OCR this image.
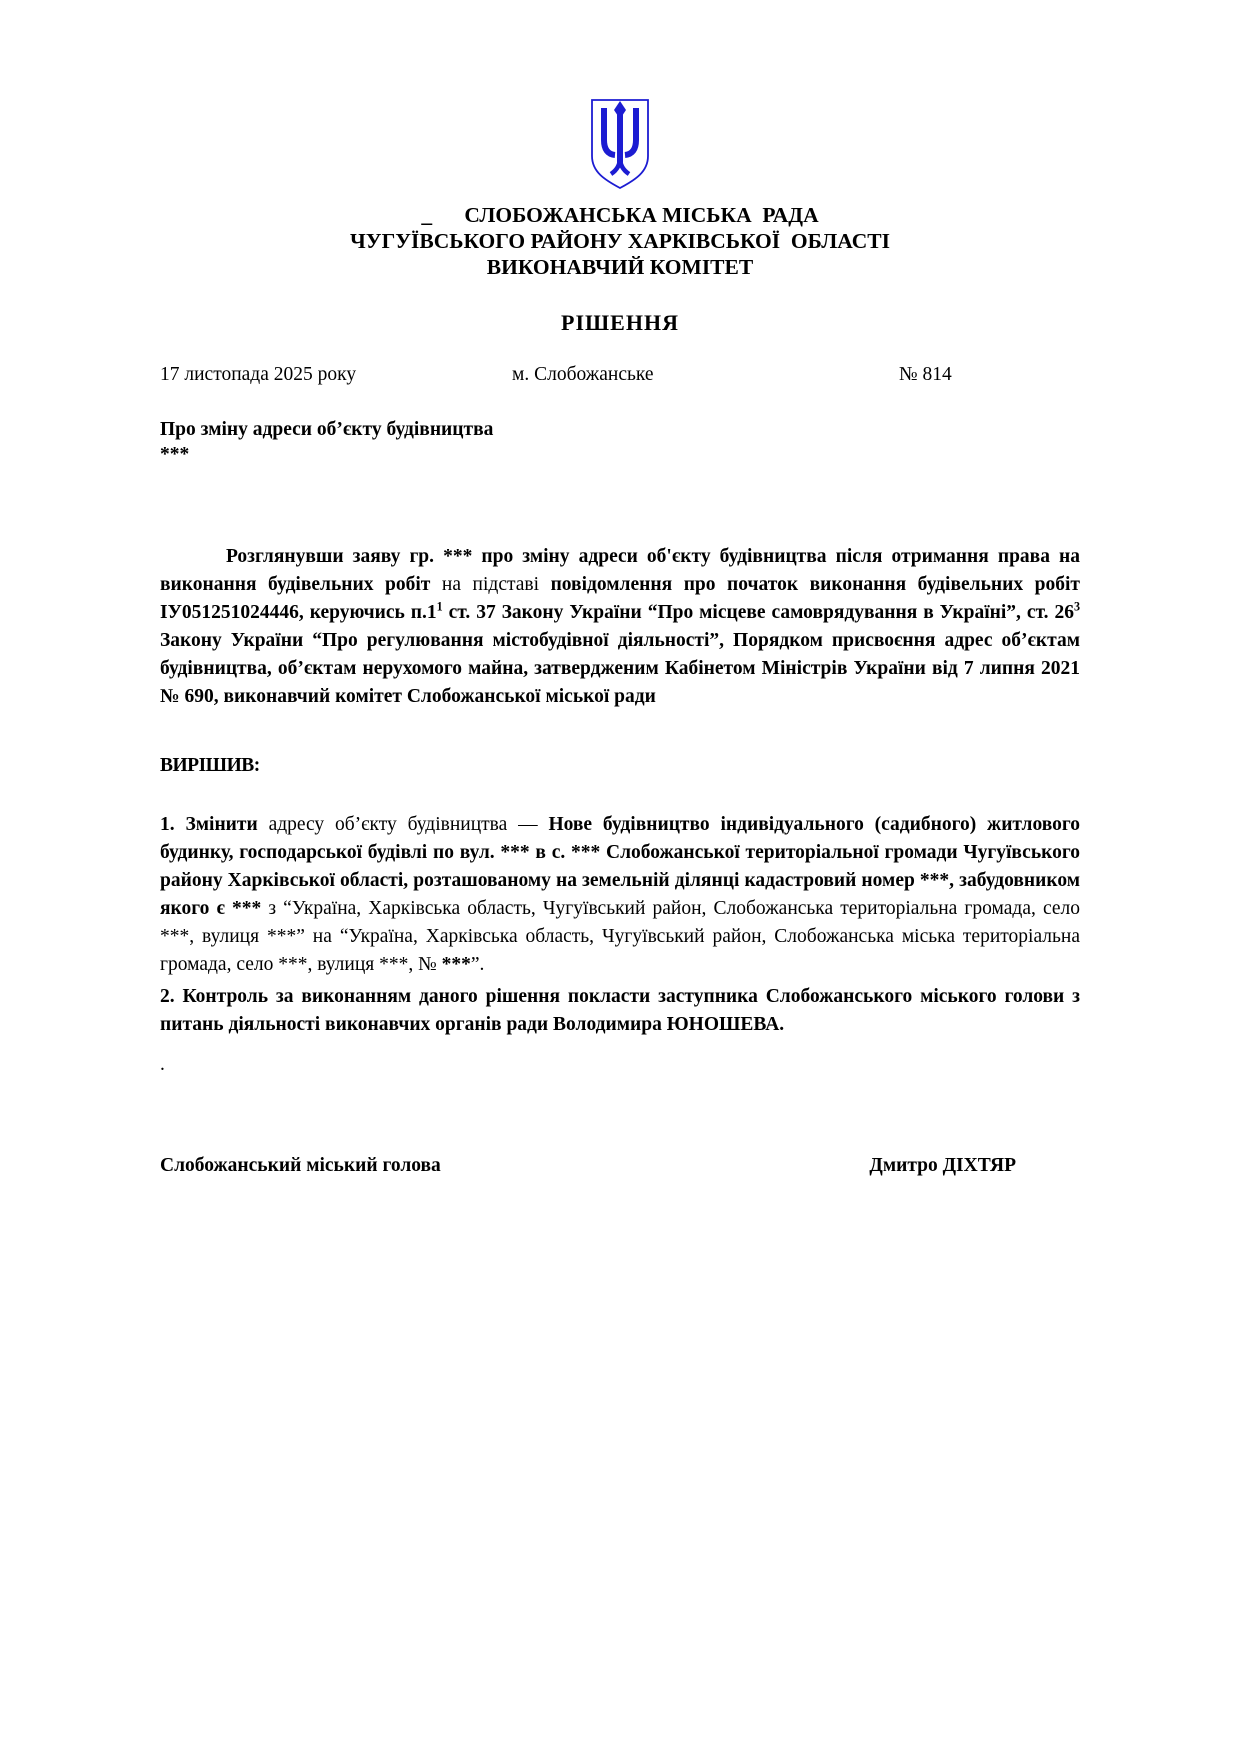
_      СЛОБОЖАНСЬКА МІСЬКА  РАДА
ЧУГУЇВСЬКОГО РАЙОНУ ХАРКІВСЬКОЇ  ОБЛАСТІ
ВИКОНАВЧИЙ КОМІТЕТ
РІШЕННЯ
17 листопада 2025 року	м. Слобожанське	№ 814
Про зміну адреси об’єкту будівництва
***

Розглянувши заяву гр. *** про зміну адреси об'єкту будівництва після отримання права на виконання будівельних робіт на підставі повідомлення про початок виконання будівельних робіт ІУ051251024446, керуючись $п.1^1$ ст. 37 Закону України “Про місцеве самоврядування в Україні”, ст. $26^3$ Закону України “Про регулювання містобудівної діяльності”, Порядком присвоєння адрес об’єктам будівництва, об’єктам нерухомого майна, затвердженим Кабінетом Міністрів України від 7 липня 2021 № 690, виконавчий комітет Слобожанської міської ради

ВИРІШИВ:

1. Змінити адресу об’єкту будівництва — Нове будівництво індивідуального (садибного) житлового будинку, господарської будівлі по вул. *** в с. *** Слобожанської територіальної громади Чугуївського району Харківської області, розташованому на земельній ділянці кадастровий номер ***, забудовником якого є *** з “Україна, Харківська область, Чугуївський район, Слобожанська територіальна громада, село ***, вулиця ***” на “Україна, Харківська область, Чугуївський район, Слобожанська міська територіальна громада, село ***, вулиця ***, № ***”.

2. Контроль за виконанням даного рішення покласти заступника Слобожанського міського голови з питань діяльності виконавчих органів ради Володимира ЮНОШЕВА.

.

Слобожанський міський голова	Дмитро ДІХТЯР
